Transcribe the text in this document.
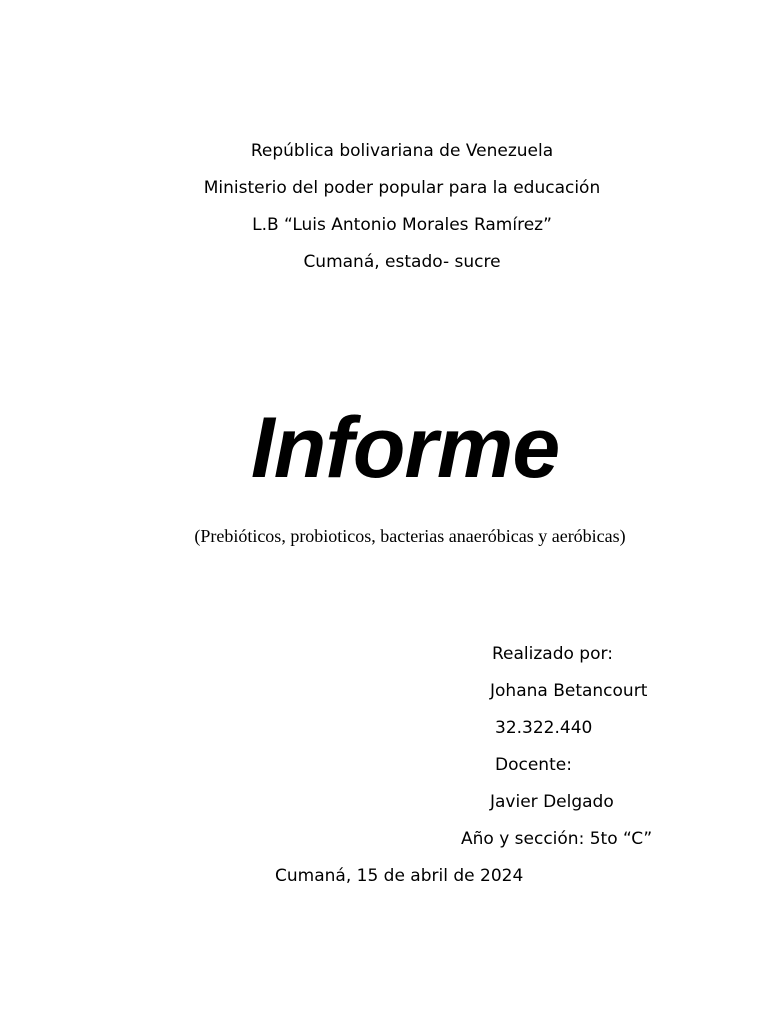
República bolivariana de Venezuela
Ministerio del poder popular para la educación
L.B “Luis Antonio Morales Ramírez”
Cumaná, estado- sucre
Informe
(Prebióticos, probioticos, bacterias anaeróbicas y aeróbicas)
Realizado por:
Johana Betancourt
32.322.440
Docente:
Javier Delgado
Año y sección: 5to “C”
Cumaná, 15 de abril de 2024
